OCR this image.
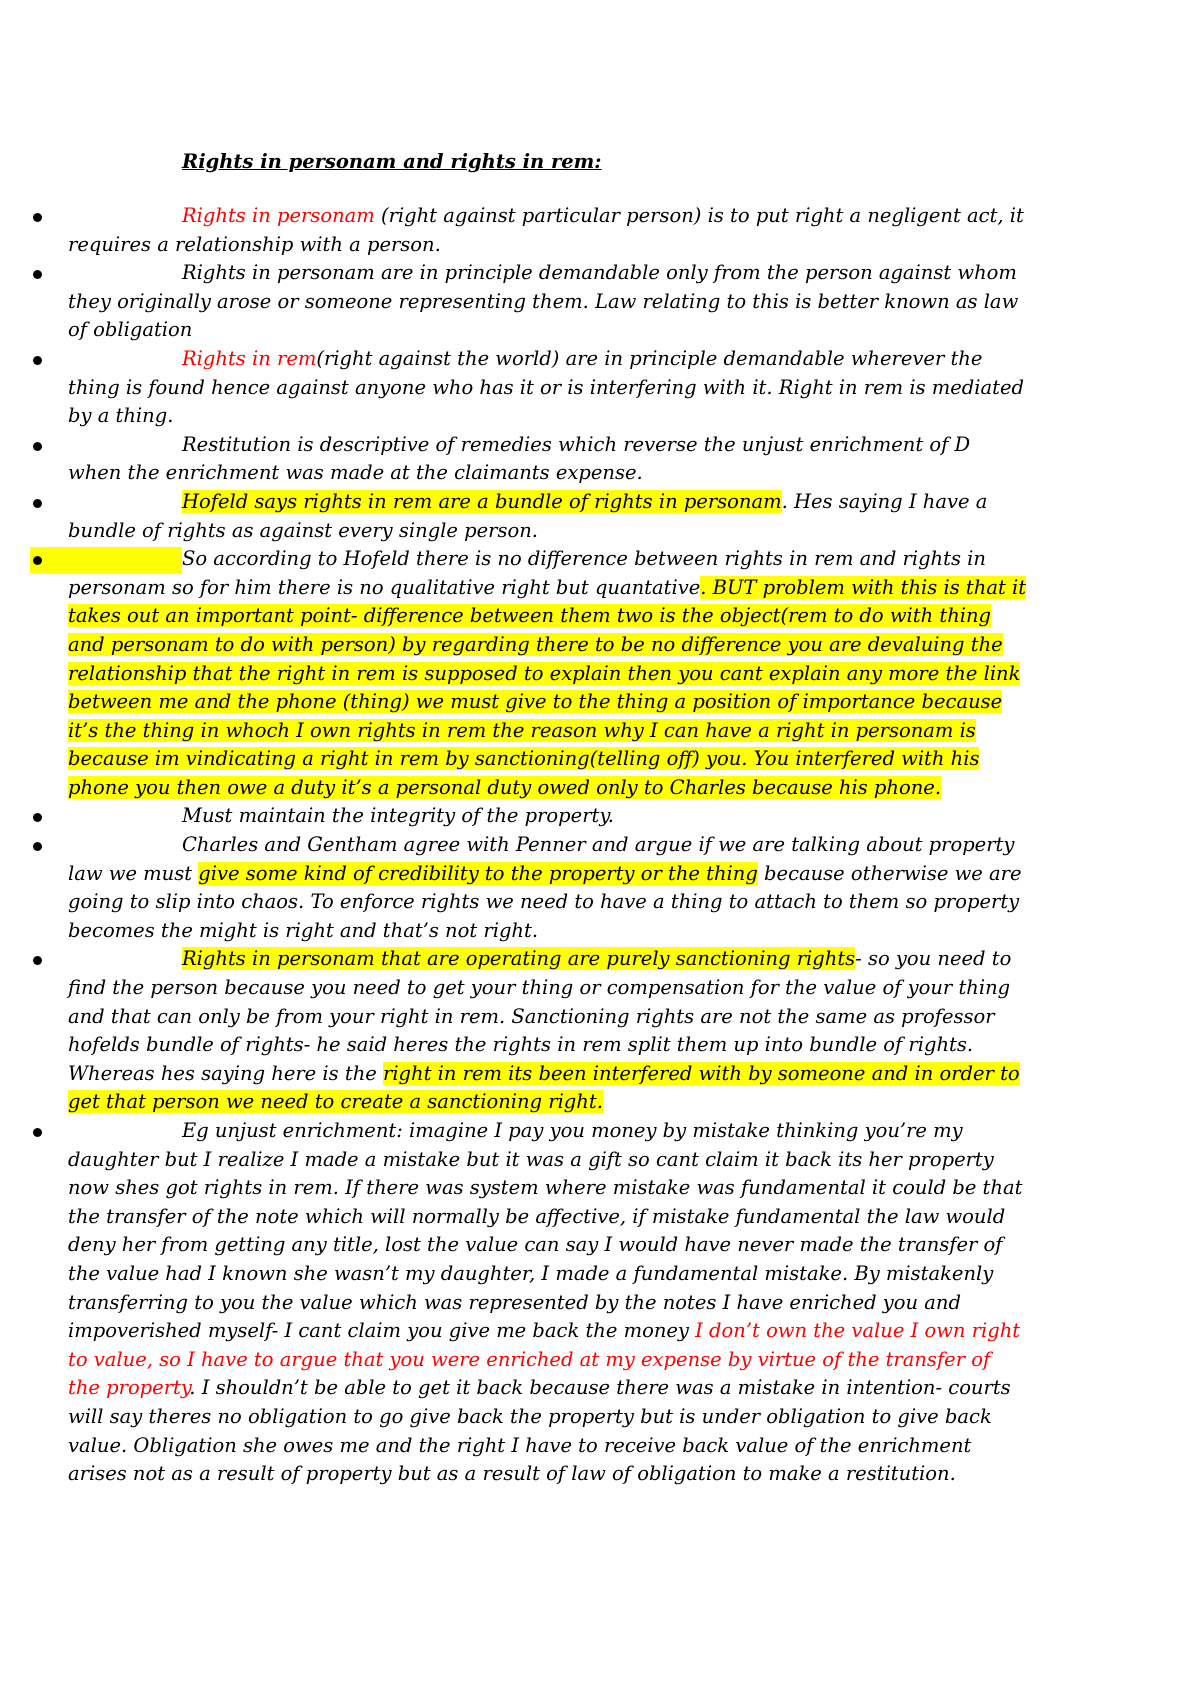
Rights in personam and rights in rem:
Rights in personam (right against particular person) is to put right a negligent act, it requires a relationship with a person.
Rights in personam are in principle demandable only from the person against whom they originally arose or someone representing them. Law relating to this is better known as law of obligation
Rights in rem(right against the world) are in principle demandable wherever the thing is found hence against anyone who has it or is interfering with it. Right in rem is mediated by a thing.
Restitution is descriptive of remedies which reverse the unjust enrichment of D when the enrichment was made at the claimants expense.
Hofeld says rights in rem are a bundle of rights in personam. Hes saying I have a bundle of rights as against every single person.
So according to Hofeld there is no difference between rights in rem and rights in personam so for him there is no qualitative right but quantative. BUT problem with this is that it takes out an important point- difference between them two is the object(rem to do with thing and personam to do with person) by regarding there to be no difference you are devaluing the relationship that the right in rem is supposed to explain then you cant explain any more the link between me and the phone (thing) we must give to the thing a position of importance because it’s the thing in whoch I own rights in rem the reason why I can have a right in personam is because im vindicating a right in rem by sanctioning(telling off) you. You interfered with his phone you then owe a duty it’s a personal duty owed only to Charles because his phone.
Must maintain the integrity of the property.
Charles and Gentham agree with Penner and argue if we are talking about property law we must give some kind of credibility to the property or the thing because otherwise we are going to slip into chaos. To enforce rights we need to have a thing to attach to them so property becomes the might is right and that’s not right.
Rights in personam that are operating are purely sanctioning rights- so you need to find the person because you need to get your thing or compensation for the value of your thing and that can only be from your right in rem. Sanctioning rights are not the same as professor hofelds bundle of rights- he said heres the rights in rem split them up into bundle of rights. Whereas hes saying here is the right in rem its been interfered with by someone and in order to get that person we need to create a sanctioning right.
Eg unjust enrichment: imagine I pay you money by mistake thinking you’re my daughter but I realize I made a mistake but it was a gift so cant claim it back its her property now shes got rights in rem. If there was system where mistake was fundamental it could be that the transfer of the note which will normally be affective, if mistake fundamental the law would deny her from getting any title, lost the value can say I would have never made the transfer of the value had I known she wasn’t my daughter, I made a fundamental mistake. By mistakenly transferring to you the value which was represented by the notes I have enriched you and impoverished myself- I cant claim you give me back the money I don’t own the value I own right to value, so I have to argue that you were enriched at my expense by virtue of the transfer of the property. I shouldn’t be able to get it back because there was a mistake in intention- courts will say theres no obligation to go give back the property but is under obligation to give back value. Obligation she owes me and the right I have to receive back value of the enrichment arises not as a result of property but as a result of law of obligation to make a restitution.
